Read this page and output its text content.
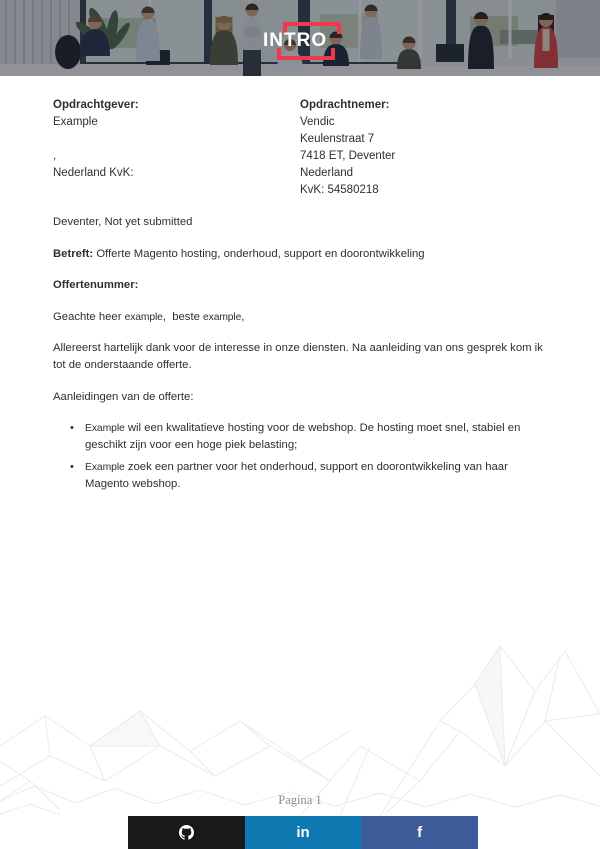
INTRO
Opdrachtgever:
Example
,
Nederland KvK:
Opdrachtnemer:
Vendic
Keulenstraat 7
7418 ET, Deventer
Nederland
KvK: 54580218

Deventer, Not yet submitted

Betreft: Offerte Magento hosting, onderhoud, support en doorontwikkeling

Offertenummer:

Geachte heer example,  beste example,

Allereerst hartelijk dank voor de interesse in onze diensten. Na aanleiding van ons gesprek kom ik tot de onderstaande offerte.

Aanleidingen van de offerte:

• Example wil een kwalitatieve hosting voor de webshop. De hosting moet snel, stabiel en geschikt zijn voor een hoge piek belasting;
• Example zoek een partner voor het onderhoud, support en doorontwikkeling van haar Magento webshop.
Pagina 1
in	f
